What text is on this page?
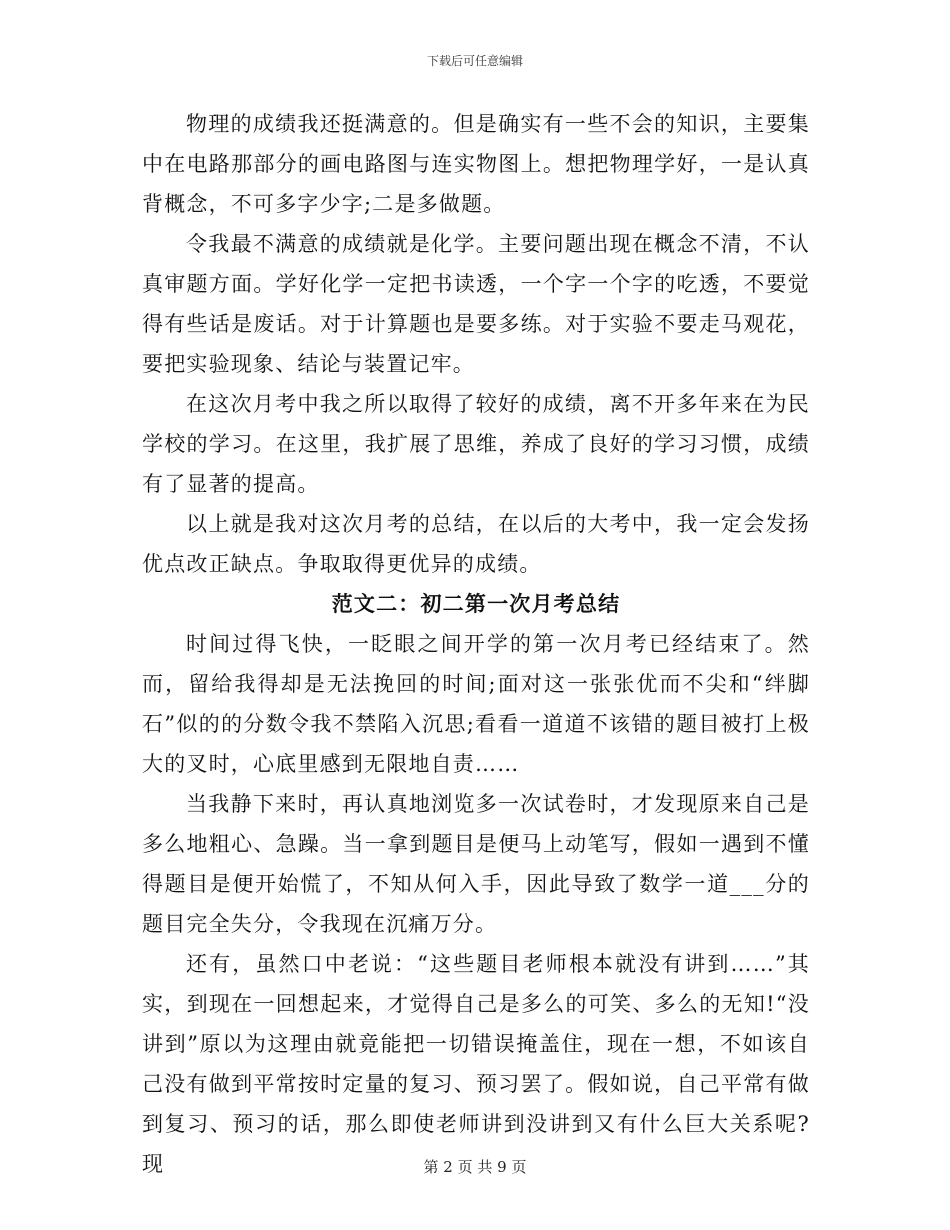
下载后可任意编辑

物理的成绩我还挺满意的。但是确实有一些不会的知识，主要集中在电路那部分的画电路图与连实物图上。想把物理学好，一是认真背概念，不可多字少字;二是多做题。

令我最不满意的成绩就是化学。主要问题出现在概念不清，不认真审题方面。学好化学一定把书读透，一个字一个字的吃透，不要觉得有些话是废话。对于计算题也是要多练。对于实验不要走马观花，要把实验现象、结论与装置记牢。

在这次月考中我之所以取得了较好的成绩，离不开多年来在为民学校的学习。在这里，我扩展了思维，养成了良好的学习习惯，成绩有了显著的提高。

以上就是我对这次月考的总结，在以后的大考中，我一定会发扬优点改正缺点。争取取得更优异的成绩。

范文二：初二第一次月考总结

时间过得飞快，一眨眼之间开学的第一次月考已经结束了。然而，留给我得却是无法挽回的时间;面对这一张张优而不尖和“绊脚石”似的的分数令我不禁陷入沉思;看看一道道不该错的题目被打上极大的叉时，心底里感到无限地自责……

当我静下来时，再认真地浏览多一次试卷时，才发现原来自己是多么地粗心、急躁。当一拿到题目是便马上动笔写，假如一遇到不懂得题目是便开始慌了，不知从何入手，因此导致了数学一道___分的题目完全失分，令我现在沉痛万分。

还有，虽然口中老说：“这些题目老师根本就没有讲到……”其实，到现在一回想起来，才觉得自己是多么的可笑、多么的无知!“没讲到”原以为这理由就竟能把一切错误掩盖住，现在一想，不如该自己没有做到平常按时定量的复习、预习罢了。假如说，自己平常有做到复习、预习的话，那么即使老师讲到没讲到又有什么巨大关系呢?现	第 2 页 共 9 页
